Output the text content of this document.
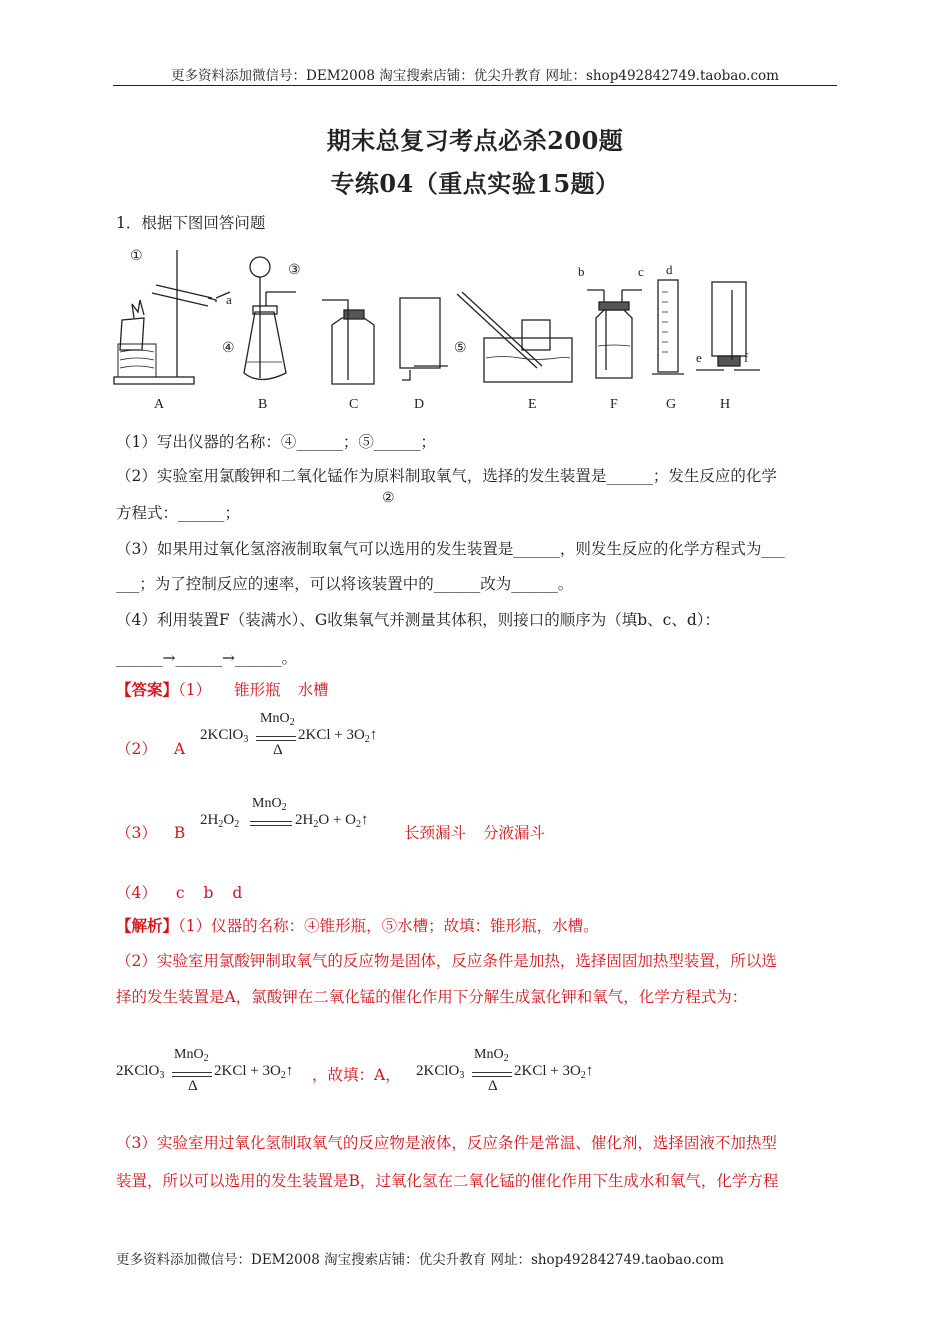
更多资料添加微信号：DEM2008 淘宝搜索店铺：优尖升教育 网址：shop492842749.taobao.com
期末总复习考点必杀200题
专练04（重点实验15题）
1．根据下图回答问题
①
②
③
④	⑤
a
b	c d
e	f
A	B	C	D	E	F	G	H
（1）写出仪器的名称：④______；⑤______；
（2）实验室用氯酸钾和二氧化锰作为原料制取氧气，选择的发生装置是______；发生反应的化学
方程式：______；
（3）如果用过氧化氢溶液制取氧气可以选用的发生装置是______，则发生反应的化学方程式为___
___；为了控制反应的速率，可以将该装置中的______改为______。
（4）利用装置F（装满水）、G收集氧气并测量其体积，则接口的顺序为（填b、c、d）：
______→______→______。
【答案】（1） 锥形瓶 水槽
（2） A
2KClO$_3$
MnO$_2$
Δ
$2KCl + 3O_2↑$
（3） B
$2H_2O_2$
MnO$_2$
$2H_2O$ + $O_2↑$
长颈漏斗 分液漏斗
（4） c b d
【解析】（1）仪器的名称：④锥形瓶，⑤水槽；故填：锥形瓶，水槽。
（2）实验室用氯酸钾制取氧气的反应物是固体，反应条件是加热，选择固固加热型装置，所以选
择的发生装置是A，氯酸钾在二氧化锰的催化作用下分解生成氯化钾和氧气，化学方程式为：
2KClO$_3$
MnO$_2$
Δ
$2KCl + 3O_2↑$ ，故填：A， 2KClO$_3$
MnO$_2$
Δ
$2KCl + 3O_2↑$
（3）实验室用过氧化氢制取氧气的反应物是液体，反应条件是常温、催化剂，选择固液不加热型
装置，所以可以选用的发生装置是B，过氧化氢在二氧化锰的催化作用下生成水和氧气，化学方程
更多资料添加微信号：DEM2008 淘宝搜索店铺：优尖升教育 网址：shop492842749.taobao.com
